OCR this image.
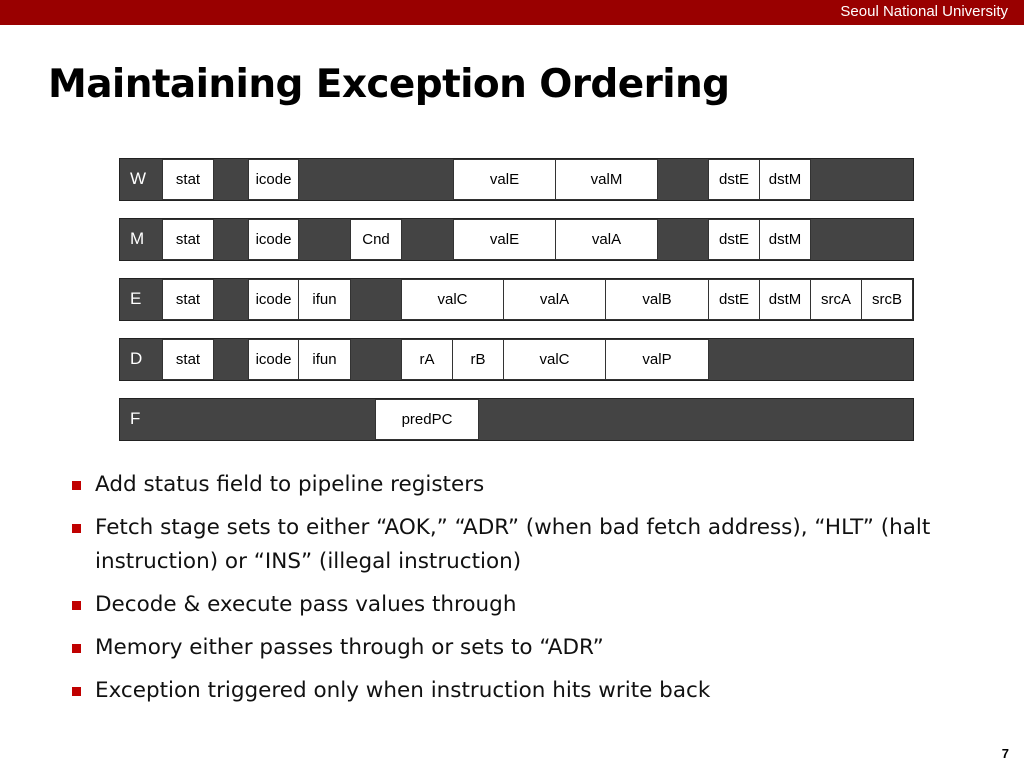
Seoul National University
Maintaining Exception Ordering
W	stat	icode	valE	valM	dstE	dstM
M	stat	icode	Cnd	valE	valA	dstE	dstM
E	stat	icode	ifun	valC	valA	valB	dstE	dstM	srcA	srcB
D	stat	icode	ifun	rA	rB	valC	valP
F	predPC
Add status field to pipeline registers
Fetch stage sets to either “AOK,” “ADR” (when bad fetch address), “HLT” (halt instruction) or “INS” (illegal instruction)
Decode & execute pass values through
Memory either passes through or sets to “ADR”
Exception triggered only when instruction hits write back
7
